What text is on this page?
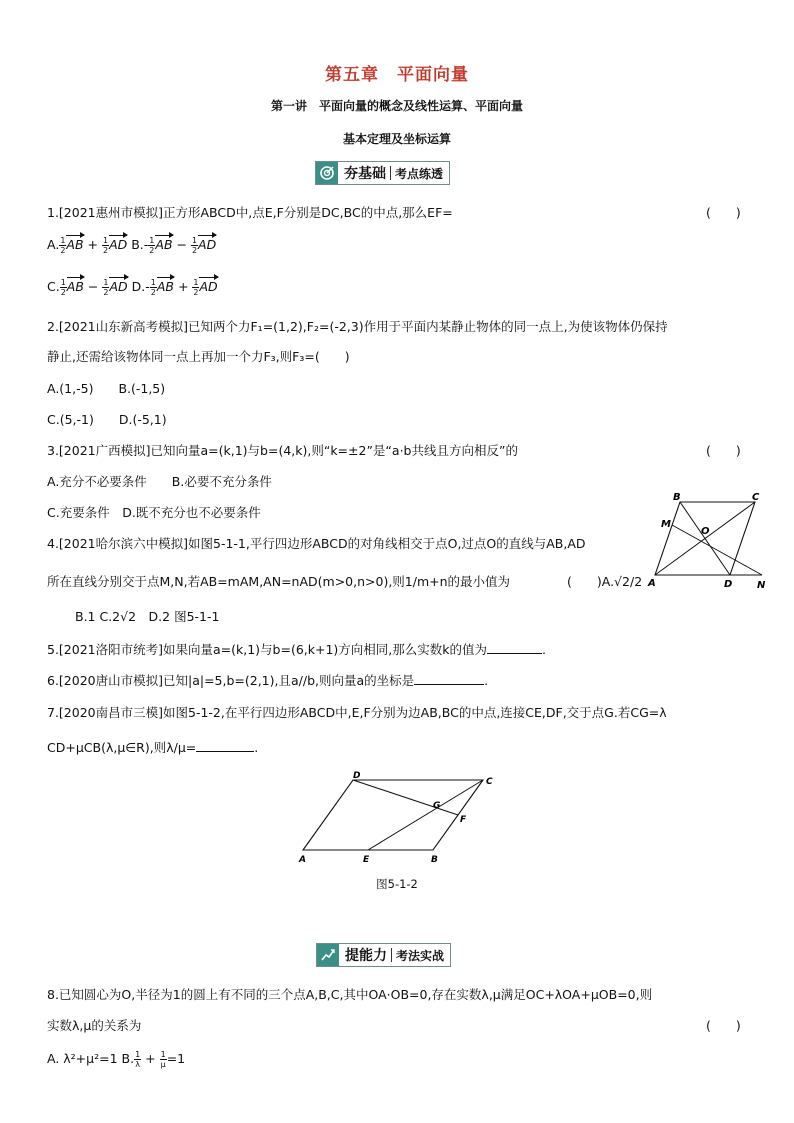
第五章　平面向量
第一讲　平面向量的概念及线性运算、平面向量
基本定理及坐标运算
夯基础 考点练透
1.[2021惠州市模拟]正方形ABCD中,点E,F分别是DC,BC的中点,那么EF=	(　　)
A. $\frac{1}{2}$ AB + $\frac{1}{2}$ AD $B.- \frac{1}{2}$ AB − $\frac{1}{2}$ AD
C. $\frac{1}{2}$ AB − $\frac{1}{2}$ AD $D.- \frac{1}{2}$ AB + $\frac{1}{2}$ AD
2.[2021山东新高考模拟]已知两个力F₁=(1,2),F₂=(-2,3)作用于平面内某静止物体的同一点上,为使该物体仍保持
静止,还需给该物体同一点上再加一个力F₃,则F₃=(　　)
A.(1,-5)　　B.(-1,5)
C.(5,-1)　　D.(-5,1)
3.[2021广西模拟]已知向量a=(k,1)与b=(4,k),则“k=±2”是“a·b共线且方向相反”的	(　　)
A.充分不必要条件　　B.必要不充分条件
C.充要条件　D.既不充分也不必要条件
A
B	C
D
M
N
O
4.[2021哈尔滨六中模拟]如图5-1-1,平行四边形ABCD的对角线相交于点O,过点O的直线与AB,AD
所在直线分别交于点M,N,若AB=mAM,AN=nAD(m>0,n>0),则1/m+n的最小值为	(　　)A.√2/2
B.1 C.2√2　D.2 图5-1-1
5.[2021洛阳市统考]如果向量a=(k,1)与b=(6,k+1)方向相同,那么实数k的值为	.
6.[2020唐山市模拟]已知|a|=5,b=(2,1),且a//b,则向量a的坐标是	.
7.[2020南昌市三模]如图5-1-2,在平行四边形ABCD中,E,F分别为边AB,BC的中点,连接CE,DF,交于点G.若CG=λ
CD+μCB(λ,μ∈R),则λ/μ=	.
A	B
C
D
E
F
G
图5-1-2
提能力 考法实战
8.已知圆心为O,半径为1的圆上有不同的三个点A,B,C,其中OA·OB=0,存在实数λ,μ满足OC+λOA+μOB=0,则
实数λ,μ的关系为	(　　)
A. λ²+μ²=1 B. $\frac{1}{\lambda} + \frac{1}{\mu} =1$
